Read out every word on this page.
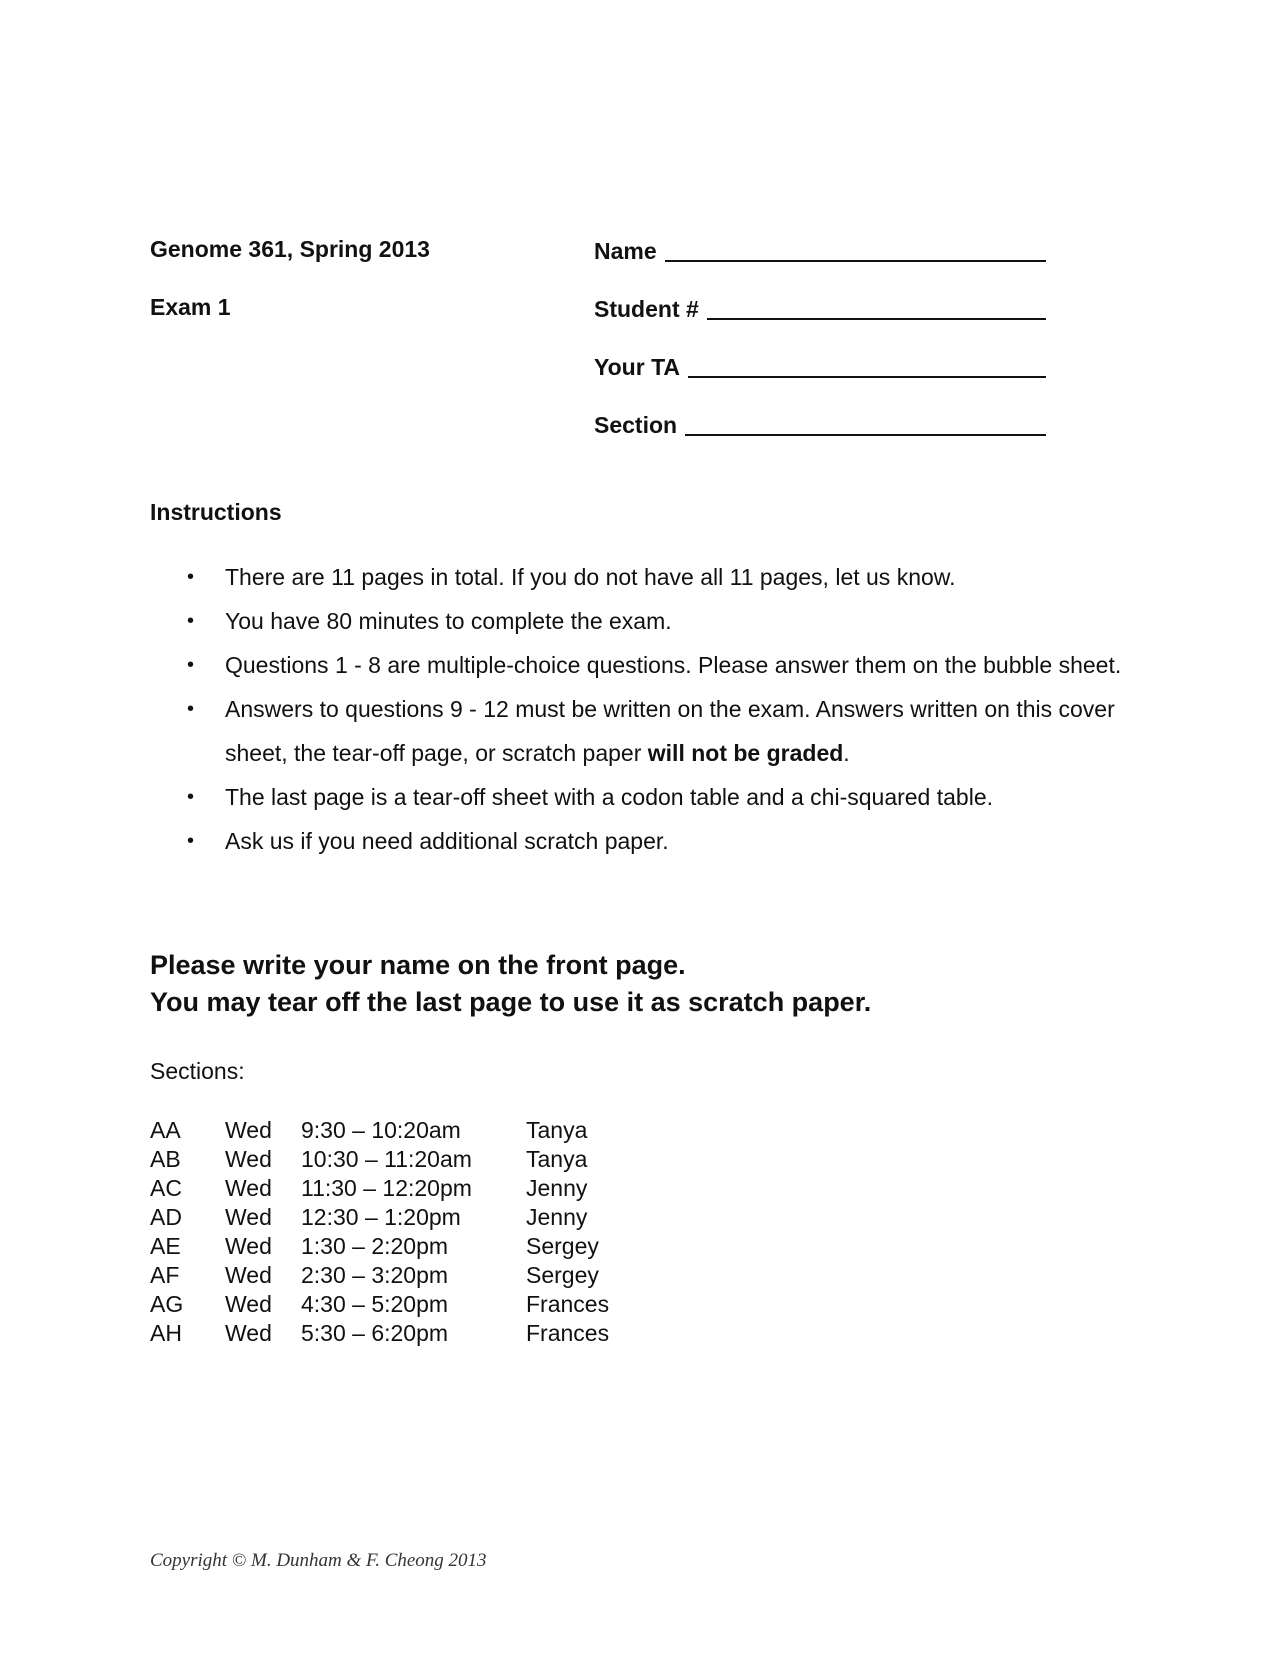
Genome 361, Spring 2013
Exam 1
Name
Student #
Your TA
Section
Instructions
• There are 11 pages in total. If you do not have all 11 pages, let us know.
• You have 80 minutes to complete the exam.
• Questions 1 - 8 are multiple-choice questions. Please answer them on the bubble sheet.
• Answers to questions 9 - 12 must be written on the exam. Answers written on this cover sheet, the tear-off page, or scratch paper will not be graded.
• The last page is a tear-off sheet with a codon table and a chi-squared table.
• Ask us if you need additional scratch paper.
Please write your name on the front page.
You may tear off the last page to use it as scratch paper.
Sections:
AA	Wed	9:30 – 10:20am	Tanya
AB	Wed	10:30 – 11:20am	Tanya
AC	Wed	11:30 – 12:20pm	Jenny
AD	Wed	12:30 – 1:20pm	Jenny
AE	Wed	1:30 – 2:20pm	Sergey
AF	Wed	2:30 – 3:20pm	Sergey
AG	Wed	4:30 – 5:20pm	Frances
AH	Wed	5:30 – 6:20pm	Frances
Copyright © M. Dunham & F. Cheong 2013
